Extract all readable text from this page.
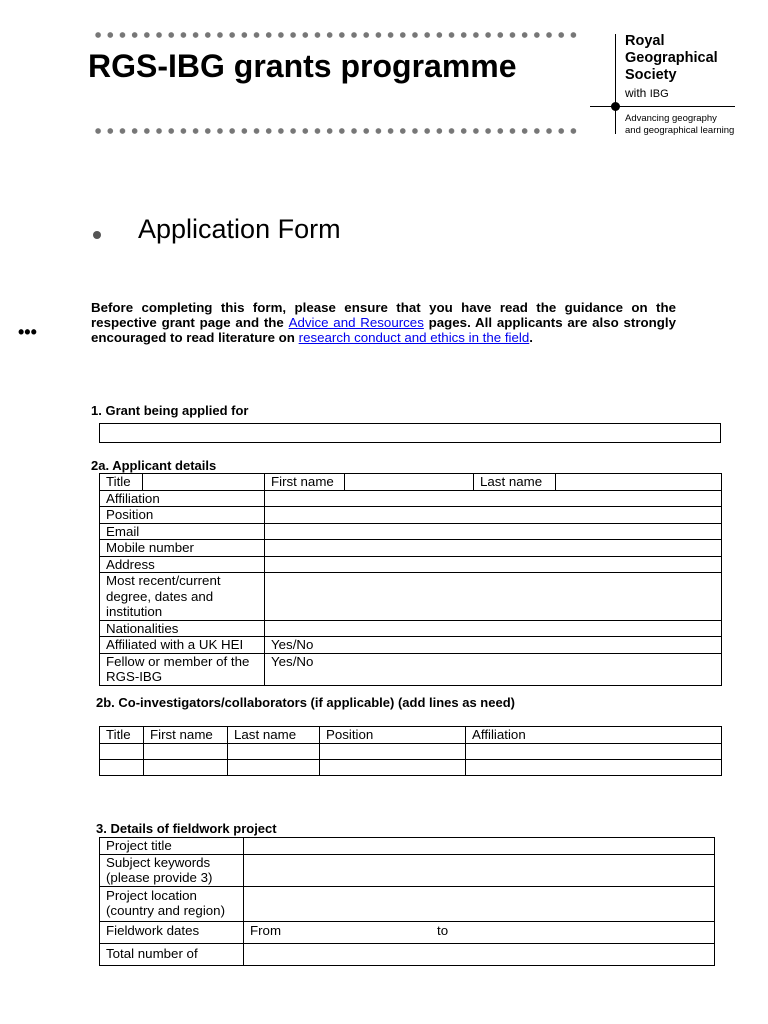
RGS-IBG grants programme
Royal
Geographical
Society
with IBG
Advancing geography
and geographical learning
Application Form
•••
Before completing this form, please ensure that you have read the guidance on the respective grant page and the Advice and Resources pages. All applicants are also strongly encouraged to read literature on research conduct and ethics in the field.
1. Grant being applied for
2a. Applicant details
Title		First name		Last name	
Affiliation					
Position					
Email					
Mobile number					
Address					
Most recent/current degree, dates and institution					
Nationalities					
Affiliated with a UK HEI		Yes/No			
Fellow or member of the RGS-IBG		Yes/No			
2b. Co-investigators/collaborators (if applicable) (add lines as need)
Title	First name	Last name	Position	Affiliation

3. Details of fieldwork project
Project title	
Subject keywords (please provide 3)	
Project location (country and region)	
Fieldwork dates	From to

Total number of	
